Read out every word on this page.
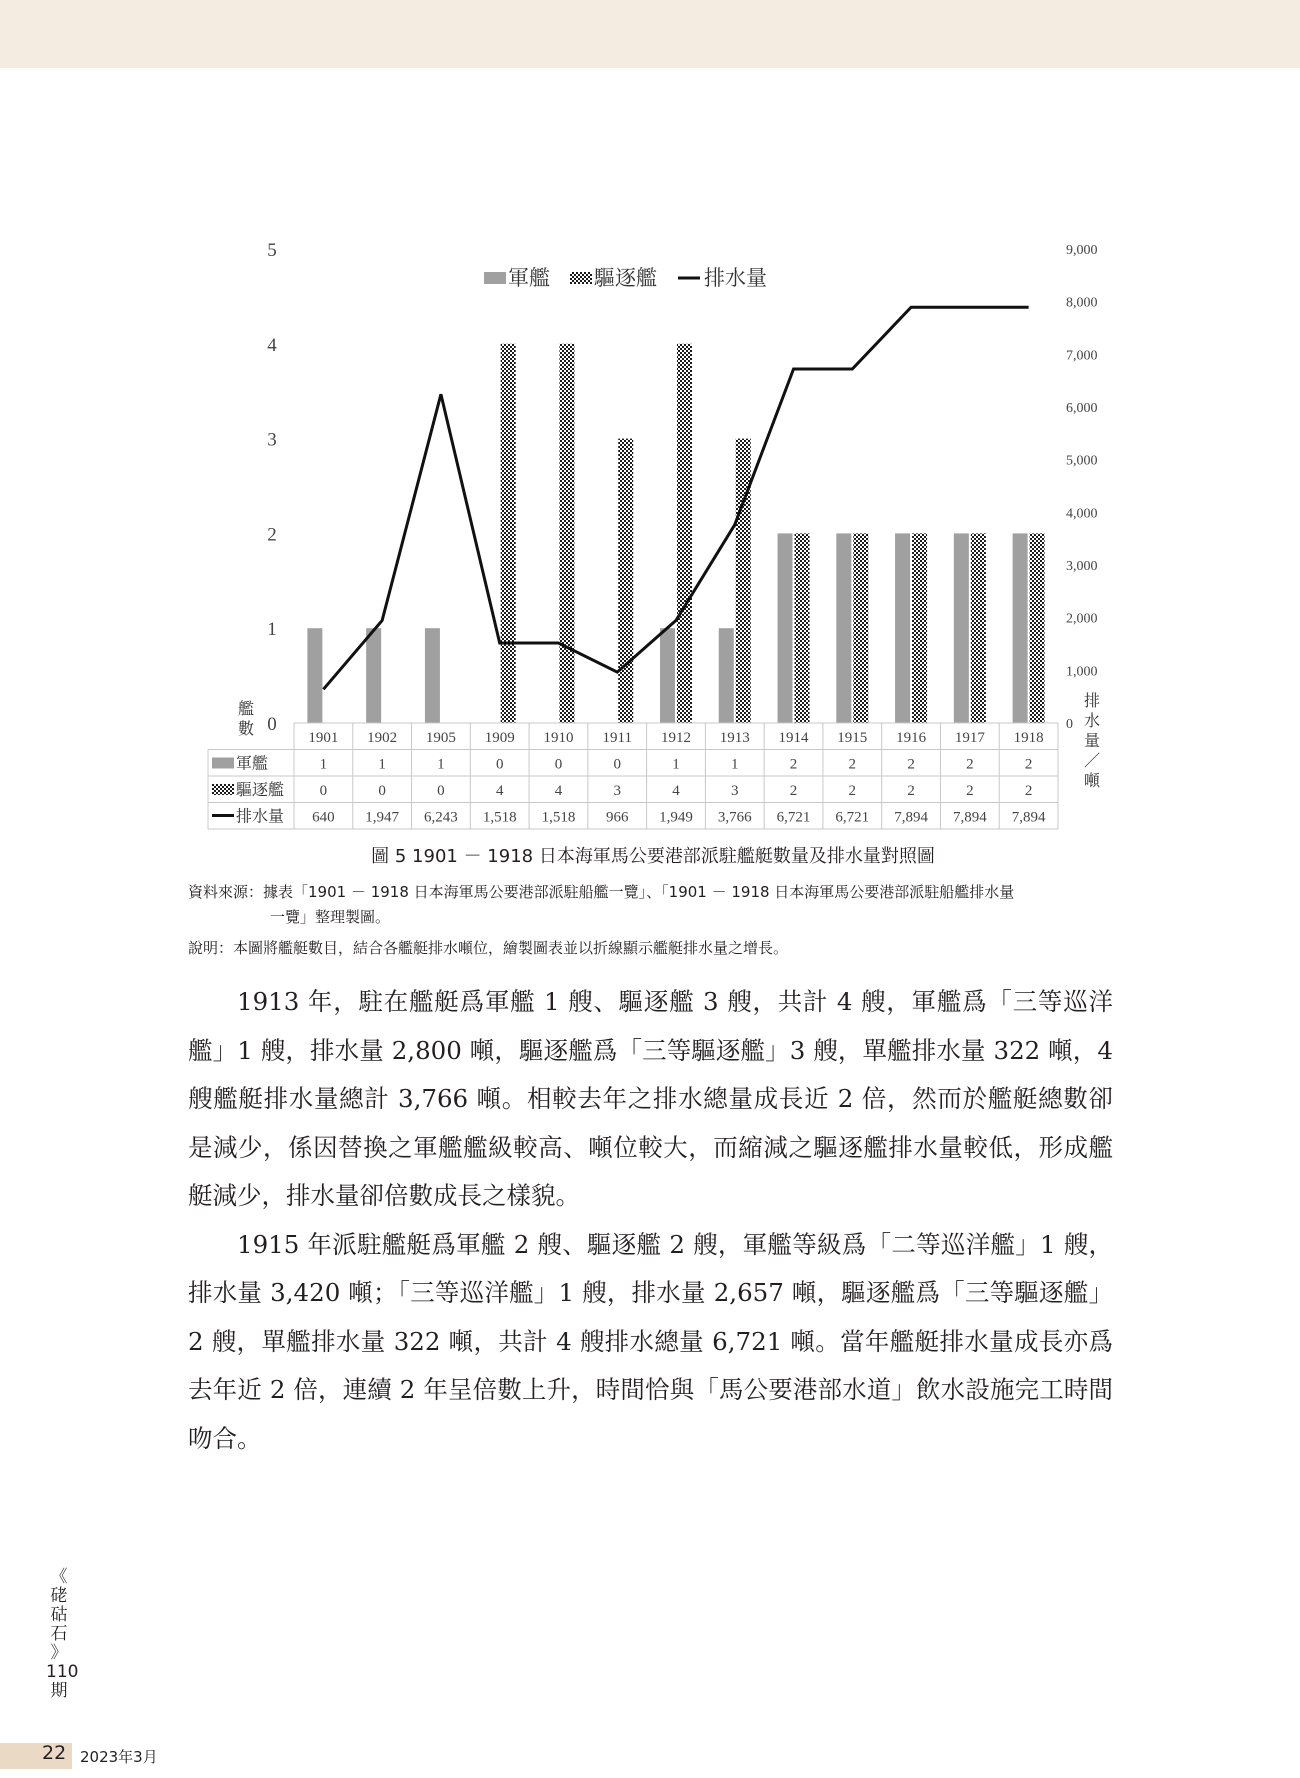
軍艦 驅逐艦 排水量
0
1
2
3
4
5
0
1,000
2,000
3,000
4,000
5,000
6,000
7,000
8,000
9,000
艦數
排水量／噸
1901 1902 1905 1909 1910 1911 1912 1913 1914 1915 1916 1917 1918
軍艦	1	1	1	0	0	0	1	1	2	2	2	2	2
驅逐艦 0	0	0	4	4	3	4	3	2	2	2	2	2
排水量 640 1,947 6,243 1,518 1,518 966 1,949 3,766 6,721 6,721 7,894 7,894 7,894

圖 5 1901 － 1918 日本海軍馬公要港部派駐艦艇數量及排水量對照圖

資料來源：據表「1901 － 1918 日本海軍馬公要港部派駐船艦一覽」、「1901 － 1918 日本海軍馬公要港部派駐船艦排水量
一覽」整理製圖。

說明：本圖將艦艇數目，結合各艦艇排水噸位，繪製圖表並以折線顯示艦艇排水量之增長。

1913 年，駐在艦艇爲軍艦 1 艘、驅逐艦 3 艘，共計 4 艘，軍艦爲「三等巡洋艦」1 艘，排水量 2,800 噸，驅逐艦爲「三等驅逐艦」3 艘，單艦排水量 322 噸，4 艘艦艇排水量總計 3,766 噸。相較去年之排水總量成長近 2 倍，然而於艦艇總數卻是減少，係因替換之軍艦艦級較高、噸位較大，而縮減之驅逐艦排水量較低，形成艦艇減少，排水量卻倍數成長之樣貌。

1915 年派駐艦艇爲軍艦 2 艘、驅逐艦 2 艘，軍艦等級爲「二等巡洋艦」1 艘，排水量 3,420 噸；「三等巡洋艦」1 艘，排水量 2,657 噸，驅逐艦爲「三等驅逐艦」2 艘，單艦排水量 322 噸，共計 4 艘排水總量 6,721 噸。當年艦艇排水量成長亦爲去年近 2 倍，連續 2 年呈倍數上升，時間恰與「馬公要港部水道」飲水設施完工時間吻合。

《
硓
𥑮
石
》
110
期
22 2023年3月
